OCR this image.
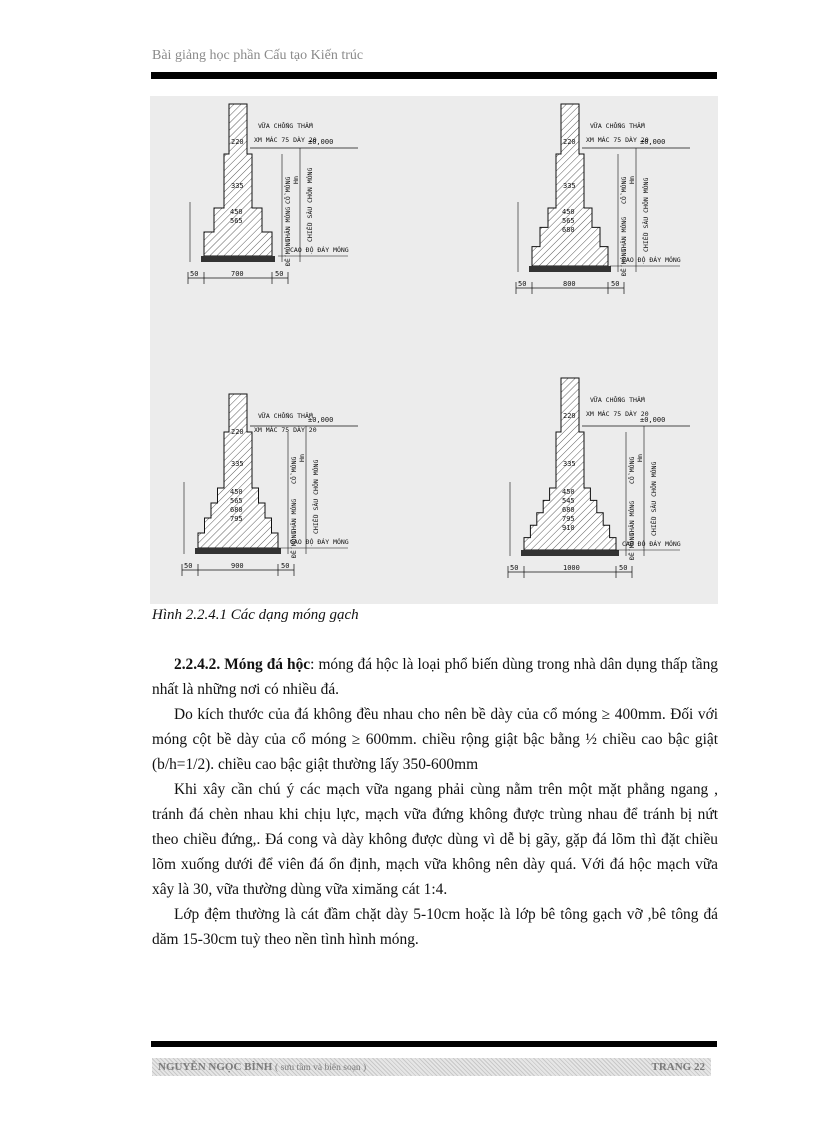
Bài giảng học phần Cấu tạo Kiến trúc
±0,000
VỮA CHỐNG THẤM
XM MÁC 75 DÀY 20
220
335
450
565
CỔ MÓNG
THÂN MÓNG
ĐẾ MÓNG
Hm CHIỀU SÂU CHÔN MÓNG
CAO ĐỘ ĐÁY MÓNG
700
50	50
±0,000
VỮA CHỐNG THẤM
XM MÁC 75 DÀY 20
220
335
450
565
680
CỔ MÓNG
THÂN MÓNG
ĐẾ MÓNG
Hm CHIỀU SÂU CHÔN MÓNG
CAO ĐỘ ĐÁY MÓNG
800
50	50
±0,000
VỮA CHỐNG THẤM
XM MÁC 75 DÀY 20
220
335
450
565
680
795
CỔ MÓNG
THÂN MÓNG
ĐẾ MÓNG
Hm
CHIỀU SÂU CHÔN MÓNG
CAO ĐỘ ĐÁY MÓNG
900
50	50
±0,000
VỮA CHỐNG THẤM
XM MÁC 75 DÀY 20
220
335
450
545
680
795
910
CỔ MÓNG
THÂN MÓNG
ĐẾ MÓNG
Hm
CHIỀU SÂU CHÔN MÓNG
CAO ĐỘ ĐÁY MÓNG
1000
50	50
Hình 2.2.4.1 Các dạng móng gạch

2.2.4.2. Móng đá hộc: móng đá hộc là loại phổ biến dùng trong nhà dân dụng thấp tầng nhất là những nơi có nhiều đá.

Do kích thước của đá không đều nhau cho nên bề dày của cổ móng ≥ 400mm. Đối với móng cột bề dày của cổ móng ≥ 600mm. chiều rộng giật bậc bằng ½ chiều cao bậc giật (b/h=1/2). chiều cao bậc giật thường lấy 350-600mm

Khi xây cần chú ý các mạch vữa ngang phải cùng nằm trên một mặt phẳng ngang , tránh đá chèn nhau khi chịu lực, mạch vữa đứng không được trùng nhau để tránh bị nứt theo chiều đứng,. Đá cong và dày không được dùng vì dễ bị gãy, gặp đá lõm thì đặt chiều lõm xuống dưới để viên đá ổn định, mạch vữa không nên dày quá. Với đá hộc mạch vữa xây là 30, vữa thường dùng vữa ximăng cát 1:4.

Lớp đệm thường là cát đầm chặt dày 5-10cm hoặc là lớp bê tông gạch vỡ ,bê tông đá dăm 15-30cm tuỳ theo nền tình hình móng.

NGUYỄN NGỌC BÌNH ( sưu tầm và biên soạn )	TRANG 22
